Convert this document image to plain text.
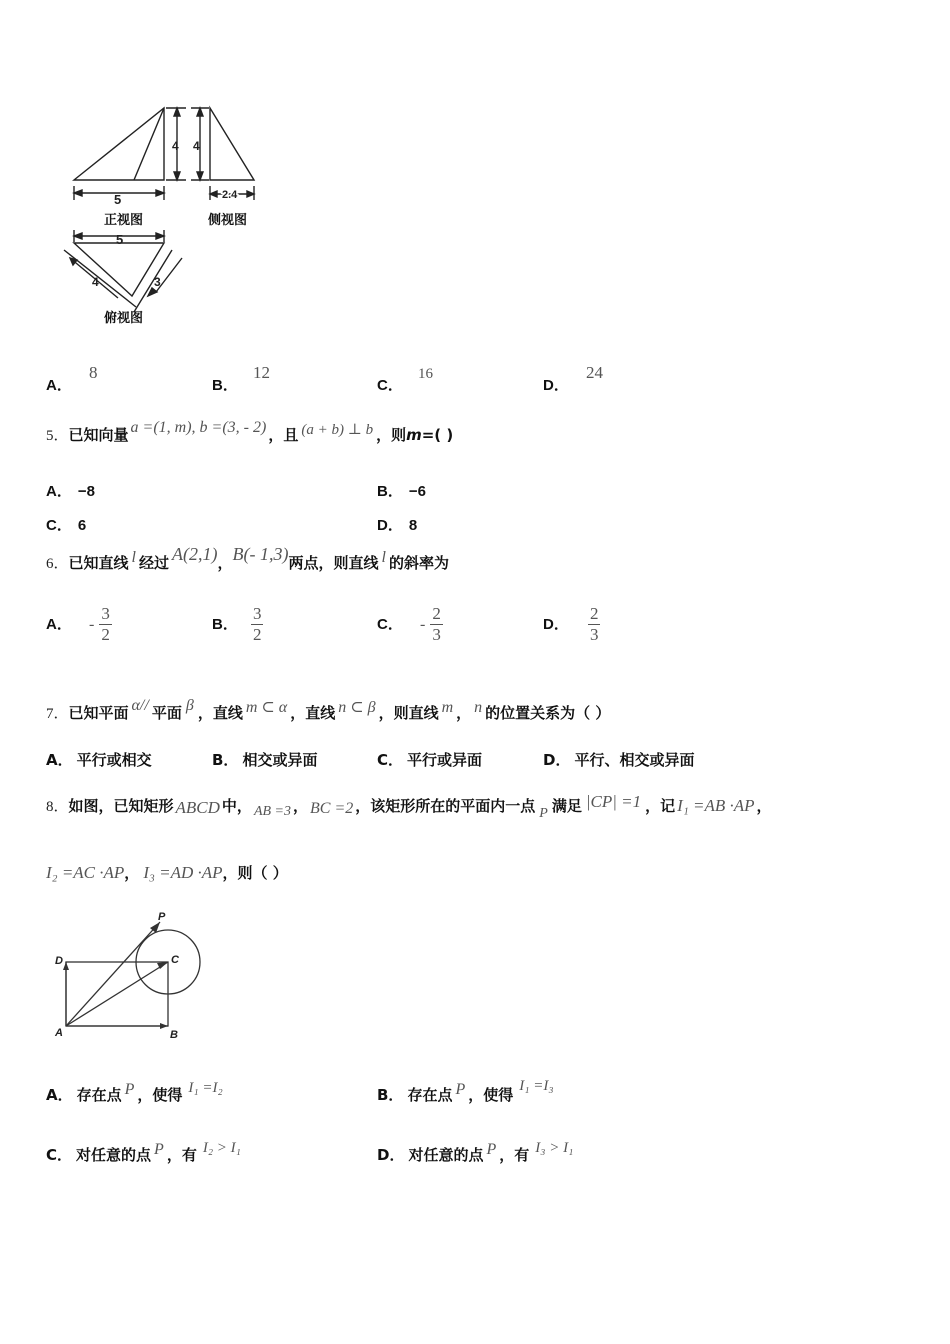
5
4
正视图
4
2.4
侧视图
5
4	3
俯视图
A． 8
B． 12
C． 16
D． 24
5．已知向量 a =(1, m), b =(3, - 2) ，且 (a + b) ⊥ b ，则m=( )
A． −8	B． −6
C． 6	D． 8
6．已知直线 l 经过 A(2,1)，B(- 1,3)两点，则直线 l 的斜率为
A． - $\frac{3}{2}$	B． $\frac{3}{2}$	C． - $\frac{2}{3}$	D． $\frac{2}{3}$
7．已知平面 α// 平面 β ，直线 m ⊂ α ，直线 n ⊂ β ，则直线 m ， n 的位置关系为（ ）
A． 平行或相交	B． 相交或异面	C． 平行或异面	D． 平行、相交或异面
8．如图，已知矩形 ABCD 中， AB =3 ， BC =2 ，该矩形所在的平面内一点 P 满足 |CP| =1 ，记 I₁ =AB ·AP ，
I₂ =AC ·AP， I₃ =AD ·AP，则（ ）
P
C
D
A	B
A． 存在点 P ，使得 I₁ =I₂	B． 存在点 P ，使得 I₁ =I₃
C． 对任意的点 P ，有 I₂ > I₁	D． 对任意的点 P ，有 I₃ > I₁
